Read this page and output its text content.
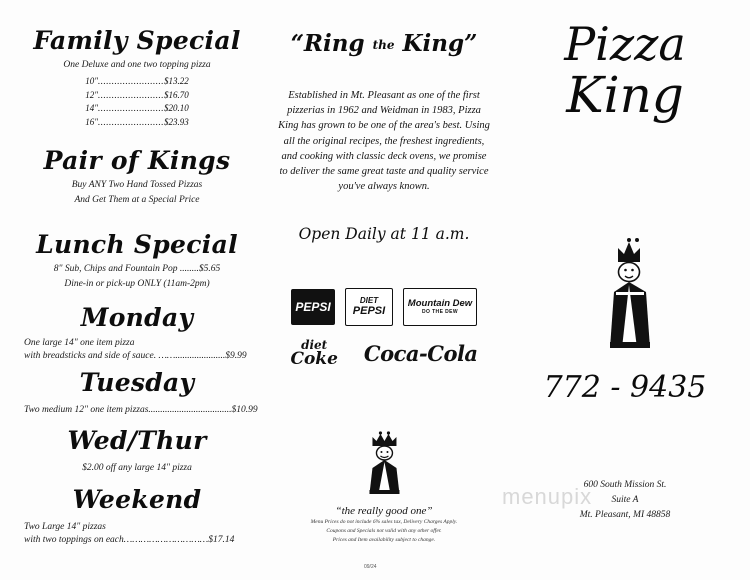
Family Special
One Deluxe and one two topping pizza
10"........................$13.22
12"........................$16.70
14"........................$20.10
16"........................$23.93
Pair of Kings
Buy ANY Two Hand Tossed Pizzas
And Get Them at a Special Price
Lunch Special
8" Sub, Chips and Fountain Pop ........$5.65
Dine-in or pick-up ONLY (11am-2pm)
Monday
One large 14" one item pizza
with breadsticks and side of sauce. …….....................$9.99
Tuesday
Two medium 12" one item pizzas...................................$10.99
Wed/Thur
$2.00 off any large 14" pizza
Weekend
Two Large 14" pizzas
with two toppings on each…………………………$17.14
“Ring the King”
Established in Mt. Pleasant as one of the first pizzerias in 1962 and Weidman in 1983, Pizza King has grown to be one of the area's best. Using all the original recipes, the freshest ingredients, and cooking with classic deck ovens, we promise to deliver the same great taste and quality service you've always known.
Open Daily at 11 a.m.
PEPSI	DIET
PEPSI
Mountain Dew
DO THE DEW
diet
Coke Coca-Cola
“the really good one”
Menu Prices do not include 6% sales tax, Delivery Charges Apply.
Coupons and Specials not valid with any other offer.
Prices and Item availability subject to change.
09/24
Pizza
King
772 - 9435
menupix
600 South Mission St.
Suite A
Mt. Pleasant, MI 48858
